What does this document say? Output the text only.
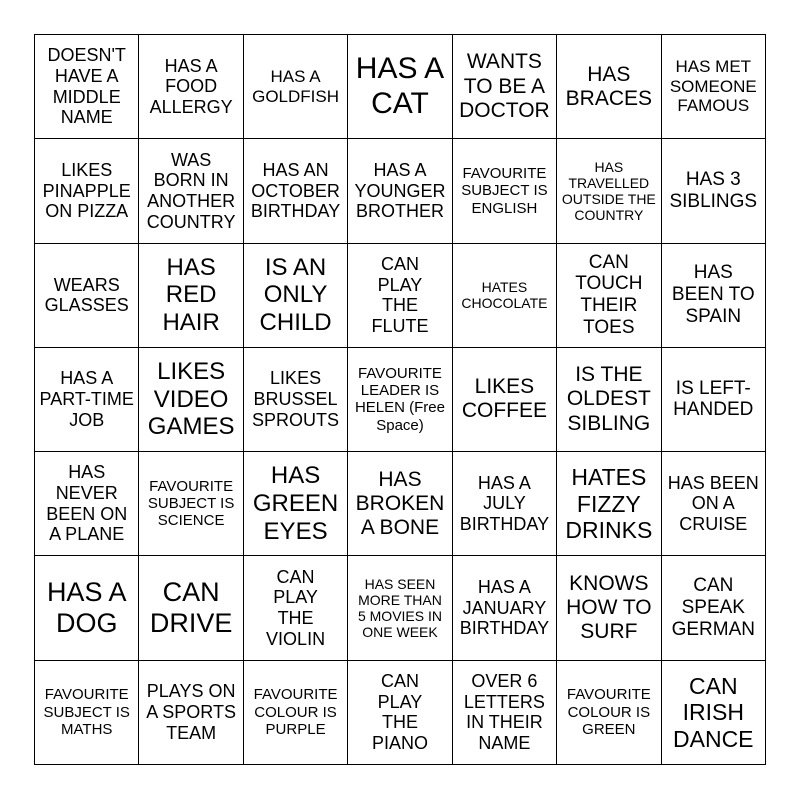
DOESN'T HAVE A MIDDLE NAME
HAS A FOOD ALLERGY
HAS A GOLDFISH
HAS A CAT
WANTS TO BE A DOCTOR
HAS BRACES
HAS MET SOMEONE FAMOUS
LIKES PINAPPLE ON PIZZA
WAS BORN IN ANOTHER COUNTRY
HAS AN OCTOBER BIRTHDAY
HAS A YOUNGER BROTHER
FAVOURITE SUBJECT IS ENGLISH
HAS TRAVELLED OUTSIDE THE COUNTRY
HAS 3 SIBLINGS
WEARS GLASSES
HAS RED HAIR
IS AN ONLY CHILD
CAN PLAY THE FLUTE
HATES CHOCOLATE
CAN TOUCH THEIR TOES
HAS BEEN TO SPAIN
HAS A PART-TIME JOB
LIKES VIDEO GAMES
LIKES BRUSSEL SPROUTS
FAVOURITE LEADER IS HELEN (Free Space)
LIKES COFFEE
IS THE OLDEST SIBLING
IS LEFT-HANDED
HAS NEVER BEEN ON A PLANE
FAVOURITE SUBJECT IS SCIENCE
HAS GREEN EYES
HAS BROKEN A BONE
HAS A JULY BIRTHDAY
HATES FIZZY DRINKS
HAS BEEN ON A CRUISE
HAS A DOG
CAN DRIVE
CAN PLAY THE VIOLIN
HAS SEEN MORE THAN 5 MOVIES IN ONE WEEK
HAS A JANUARY BIRTHDAY
KNOWS HOW TO SURF
CAN SPEAK GERMAN
FAVOURITE SUBJECT IS MATHS
PLAYS ON A SPORTS TEAM
FAVOURITE COLOUR IS PURPLE
CAN PLAY THE PIANO
OVER 6 LETTERS IN THEIR NAME
FAVOURITE COLOUR IS GREEN
CAN IRISH DANCE
